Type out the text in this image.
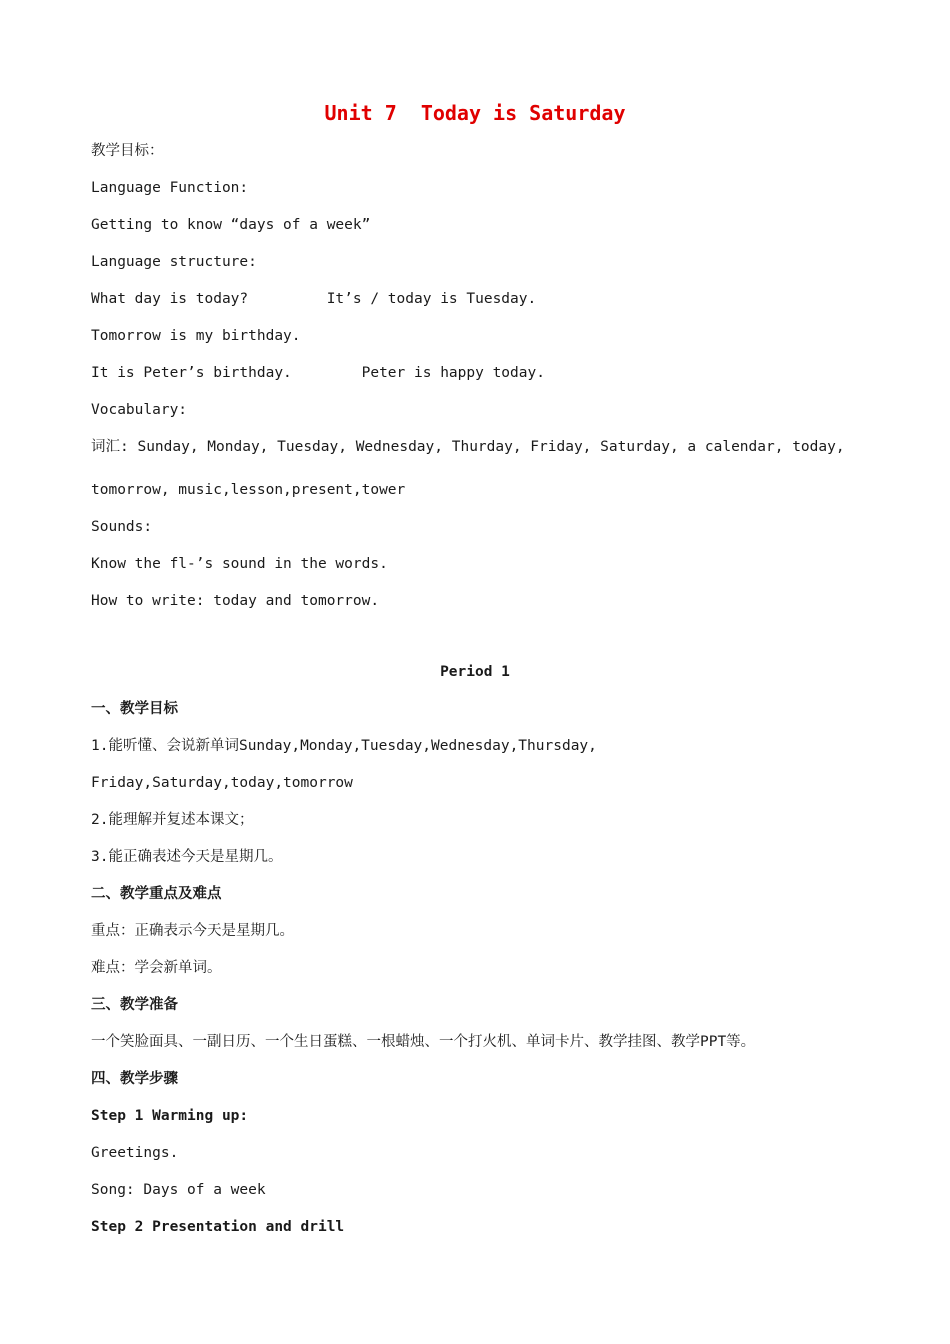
Unit 7  Today is Saturday
教学目标：
Language Function:
Getting to know “days of a week”
Language structure:
What day is today?         It’s / today is Tuesday.
Tomorrow is my birthday.
It is Peter’s birthday.        Peter is happy today.
Vocabulary:
词汇: Sunday, Monday, Tuesday, Wednesday, Thurday, Friday, Saturday, a calendar, today,
tomorrow, music,lesson,present,tower
Sounds:
Know the fl-’s sound in the words.
How to write: today and tomorrow.
Period 1
一、教学目标
1.能听懂、会说新单词Sunday,Monday,Tuesday,Wednesday,Thursday,
Friday,Saturday,today,tomorrow
2.能理解并复述本课文；
3.能正确表述今天是星期几。
二、教学重点及难点
重点：正确表示今天是星期几。
难点：学会新单词。
三、教学准备
一个笑脸面具、一副日历、一个生日蛋糕、一根蜡烛、一个打火机、单词卡片、教学挂图、教学PPT等。
四、教学步骤
Step 1 Warming up:
Greetings.
Song: Days of a week
Step 2 Presentation and drill
